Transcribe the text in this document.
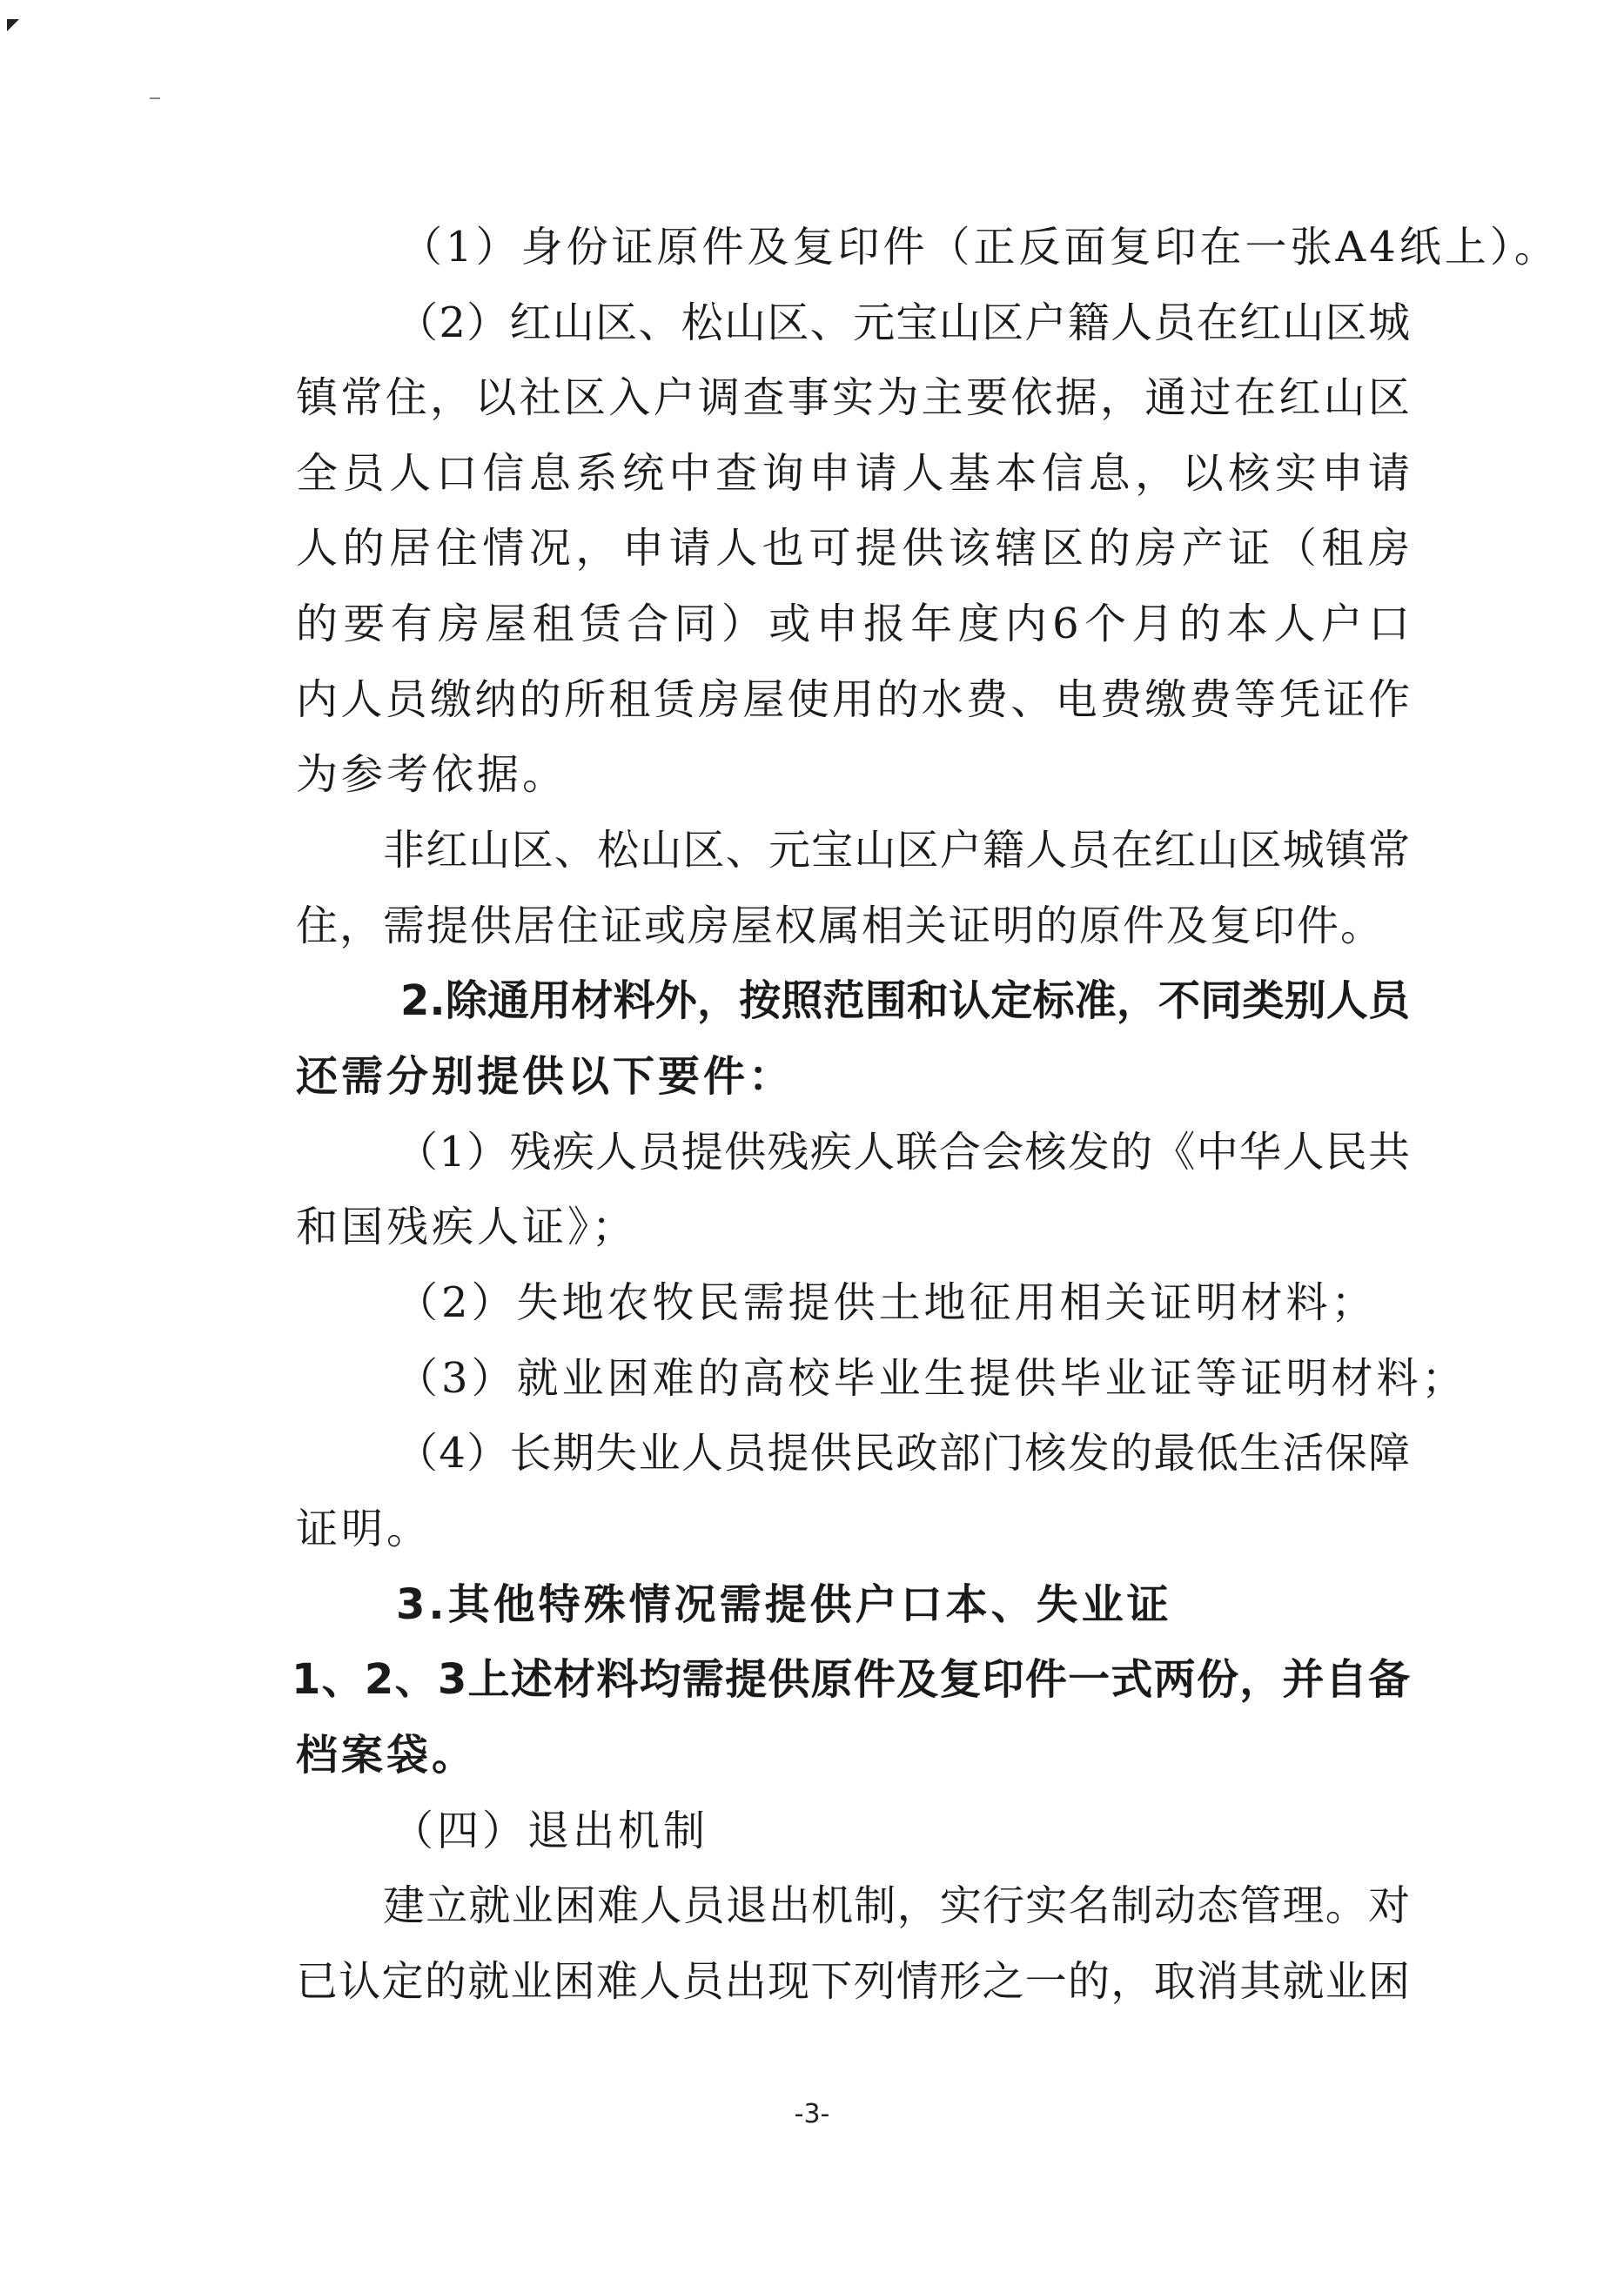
（1）身份证原件及复印件（正反面复印在一张A4纸上）。
（2）红山区、松山区、元宝山区户籍人员在红山区城
镇常住，以社区入户调查事实为主要依据，通过在红山区
全员人口信息系统中查询申请人基本信息，以核实申请
人的居住情况，申请人也可提供该辖区的房产证（租房
的要有房屋租赁合同）或申报年度内6个月的本人户口
内人员缴纳的所租赁房屋使用的水费、电费缴费等凭证作
为参考依据。
非红山区、松山区、元宝山区户籍人员在红山区城镇常
住，需提供居住证或房屋权属相关证明的原件及复印件。
2.除通用材料外，按照范围和认定标准，不同类别人员
还需分别提供以下要件：
（1）残疾人员提供残疾人联合会核发的《中华人民共
和国残疾人证》；
（2）失地农牧民需提供土地征用相关证明材料；
（3）就业困难的高校毕业生提供毕业证等证明材料；
（4）长期失业人员提供民政部门核发的最低生活保障
证明。
3.其他特殊情况需提供户口本、失业证
1、2、3上述材料均需提供原件及复印件一式两份，并自备
档案袋。
（四）退出机制
建立就业困难人员退出机制，实行实名制动态管理。对
已认定的就业困难人员出现下列情形之一的，取消其就业困
-3-
